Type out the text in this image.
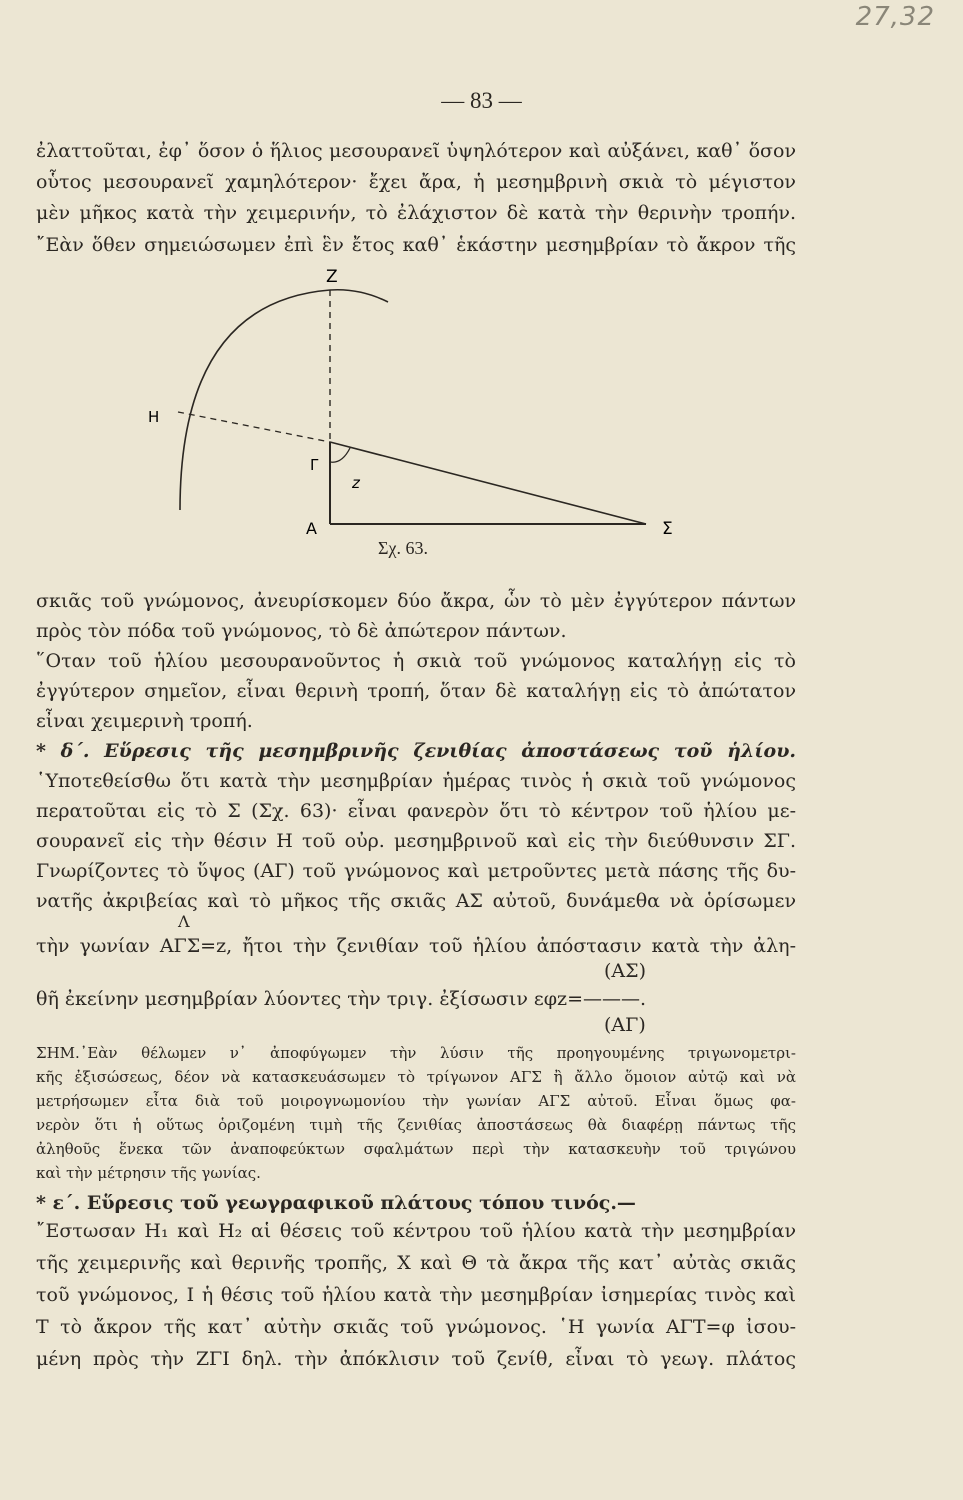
27,32
— 83 —
ἐλαττοῦται, ἐφ᾿ ὅσον ὁ ἥλιος μεσουρανεῖ ὑψηλότερον καὶ αὐξάνει, καθ᾿ ὅσον
οὗτος μεσουρανεῖ χαμηλότερον· ἔχει ἄρα, ἡ μεσημβρινὴ σκιὰ τὸ μέγιστον
μὲν μῆκος κατὰ τὴν χειμερινήν, τὸ ἐλάχιστον δὲ κατὰ τὴν θερινὴν τροπήν.
῎Εὰν ὅθεν σημειώσωμεν ἐπὶ ἓν ἔτος καθ᾿ ἑκάστην μεσημβρίαν τὸ ἄκρον τῆς
Z
H
Γ
z
A	Σ
Σχ. 63.
σκιᾶς τοῦ γνώμονος, ἀνευρίσκομεν δύο ἄκρα, ὧν τὸ μὲν ἐγγύτερον πάντων
πρὸς τὸν πόδα τοῦ γνώμονος, τὸ δὲ ἀπώτερον πάντων.
῞Οταν τοῦ ἡλίου μεσουρανοῦντος ἡ σκιὰ τοῦ γνώμονος καταλήγῃ εἰς τὸ
ἐγγύτερον σημεῖον, εἶναι θερινὴ τροπή, ὅταν δὲ καταλήγῃ εἰς τὸ ἀπώτατον
εἶναι χειμερινὴ τροπή.
* δ΄. Εὕρεσις τῆς μεσημβρινῆς ζενιθίας ἀποστάσεως τοῦ ἡλίου.
῾Υποτεθείσθω ὅτι κατὰ τὴν μεσημβρίαν ἡμέρας τινὸς ἡ σκιὰ τοῦ γνώμονος
περατοῦται εἰς τὸ Σ (Σχ. 63)· εἶναι φανερὸν ὅτι τὸ κέντρον τοῦ ἡλίου με-
σουρανεῖ εἰς τὴν θέσιν Η τοῦ οὐρ. μεσημβρινοῦ καὶ εἰς τὴν διεύθυνσιν ΣΓ.
Γνωρίζοντες τὸ ὕψος (ΑΓ) τοῦ γνώμονος καὶ μετροῦντες μετὰ πάσης τῆς δυ-
νατῆς ἀκριβείας καὶ τὸ μῆκος τῆς σκιᾶς ΑΣ αὐτοῦ, δυνάμεθα νὰ ὁρίσωμεν
Λ
τὴν γωνίαν ΑΓΣ=z, ἤτοι τὴν ζενιθίαν τοῦ ἡλίου ἀπόστασιν κατὰ τὴν ἀλη-
(ΑΣ)
θῆ ἐκείνην μεσημβρίαν λύοντες τὴν τριγ. ἐξίσωσιν εφz=———.
(ΑΓ)
ΣΗΜ.᾿Εὰν θέλωμεν ν᾿ ἀποφύγωμεν τὴν λύσιν τῆς προηγουμένης τριγωνομετρι-
κῆς ἐξισώσεως, δέον νὰ κατασκευάσωμεν τὸ τρίγωνον ΑΓΣ ἢ ἄλλο ὅμοιον αὐτῷ καὶ νὰ
μετρήσωμεν εἶτα διὰ τοῦ μοιρογνωμονίου τὴν γωνίαν ΑΓΣ αὐτοῦ. Εἶναι ὅμως φα-
νερὸν ὅτι ἡ οὕτως ὁριζομένη τιμὴ τῆς ζενιθίας ἀποστάσεως θὰ διαφέρῃ πάντως τῆς
ἀληθοῦς ἕνεκα τῶν ἀναποφεύκτων σφαλμάτων περὶ τὴν κατασκευὴν τοῦ τριγώνου
καὶ τὴν μέτρησιν τῆς γωνίας.
* ε΄. Εὕρεσις τοῦ γεωγραφικοῦ πλάτους τόπου τινός.—
῎Εστωσαν Η₁ καὶ Η₂ αἱ θέσεις τοῦ κέντρου τοῦ ἡλίου κατὰ τὴν μεσημβρίαν
τῆς χειμερινῆς καὶ θερινῆς τροπῆς, Χ καὶ Θ τὰ ἄκρα τῆς κατ᾿ αὐτὰς σκιᾶς
τοῦ γνώμονος, Ι ἡ θέσις τοῦ ἡλίου κατὰ τὴν μεσημβρίαν ἰσημερίας τινὸς καὶ
Τ τὸ ἄκρον τῆς κατ᾿ αὐτὴν σκιᾶς τοῦ γνώμονος. ῾Η γωνία ΑΓΤ=φ ἰσου-
μένη πρὸς τὴν ΖΓΙ δηλ. τὴν ἀπόκλισιν τοῦ ζενίθ, εἶναι τὸ γεωγ. πλάτος
